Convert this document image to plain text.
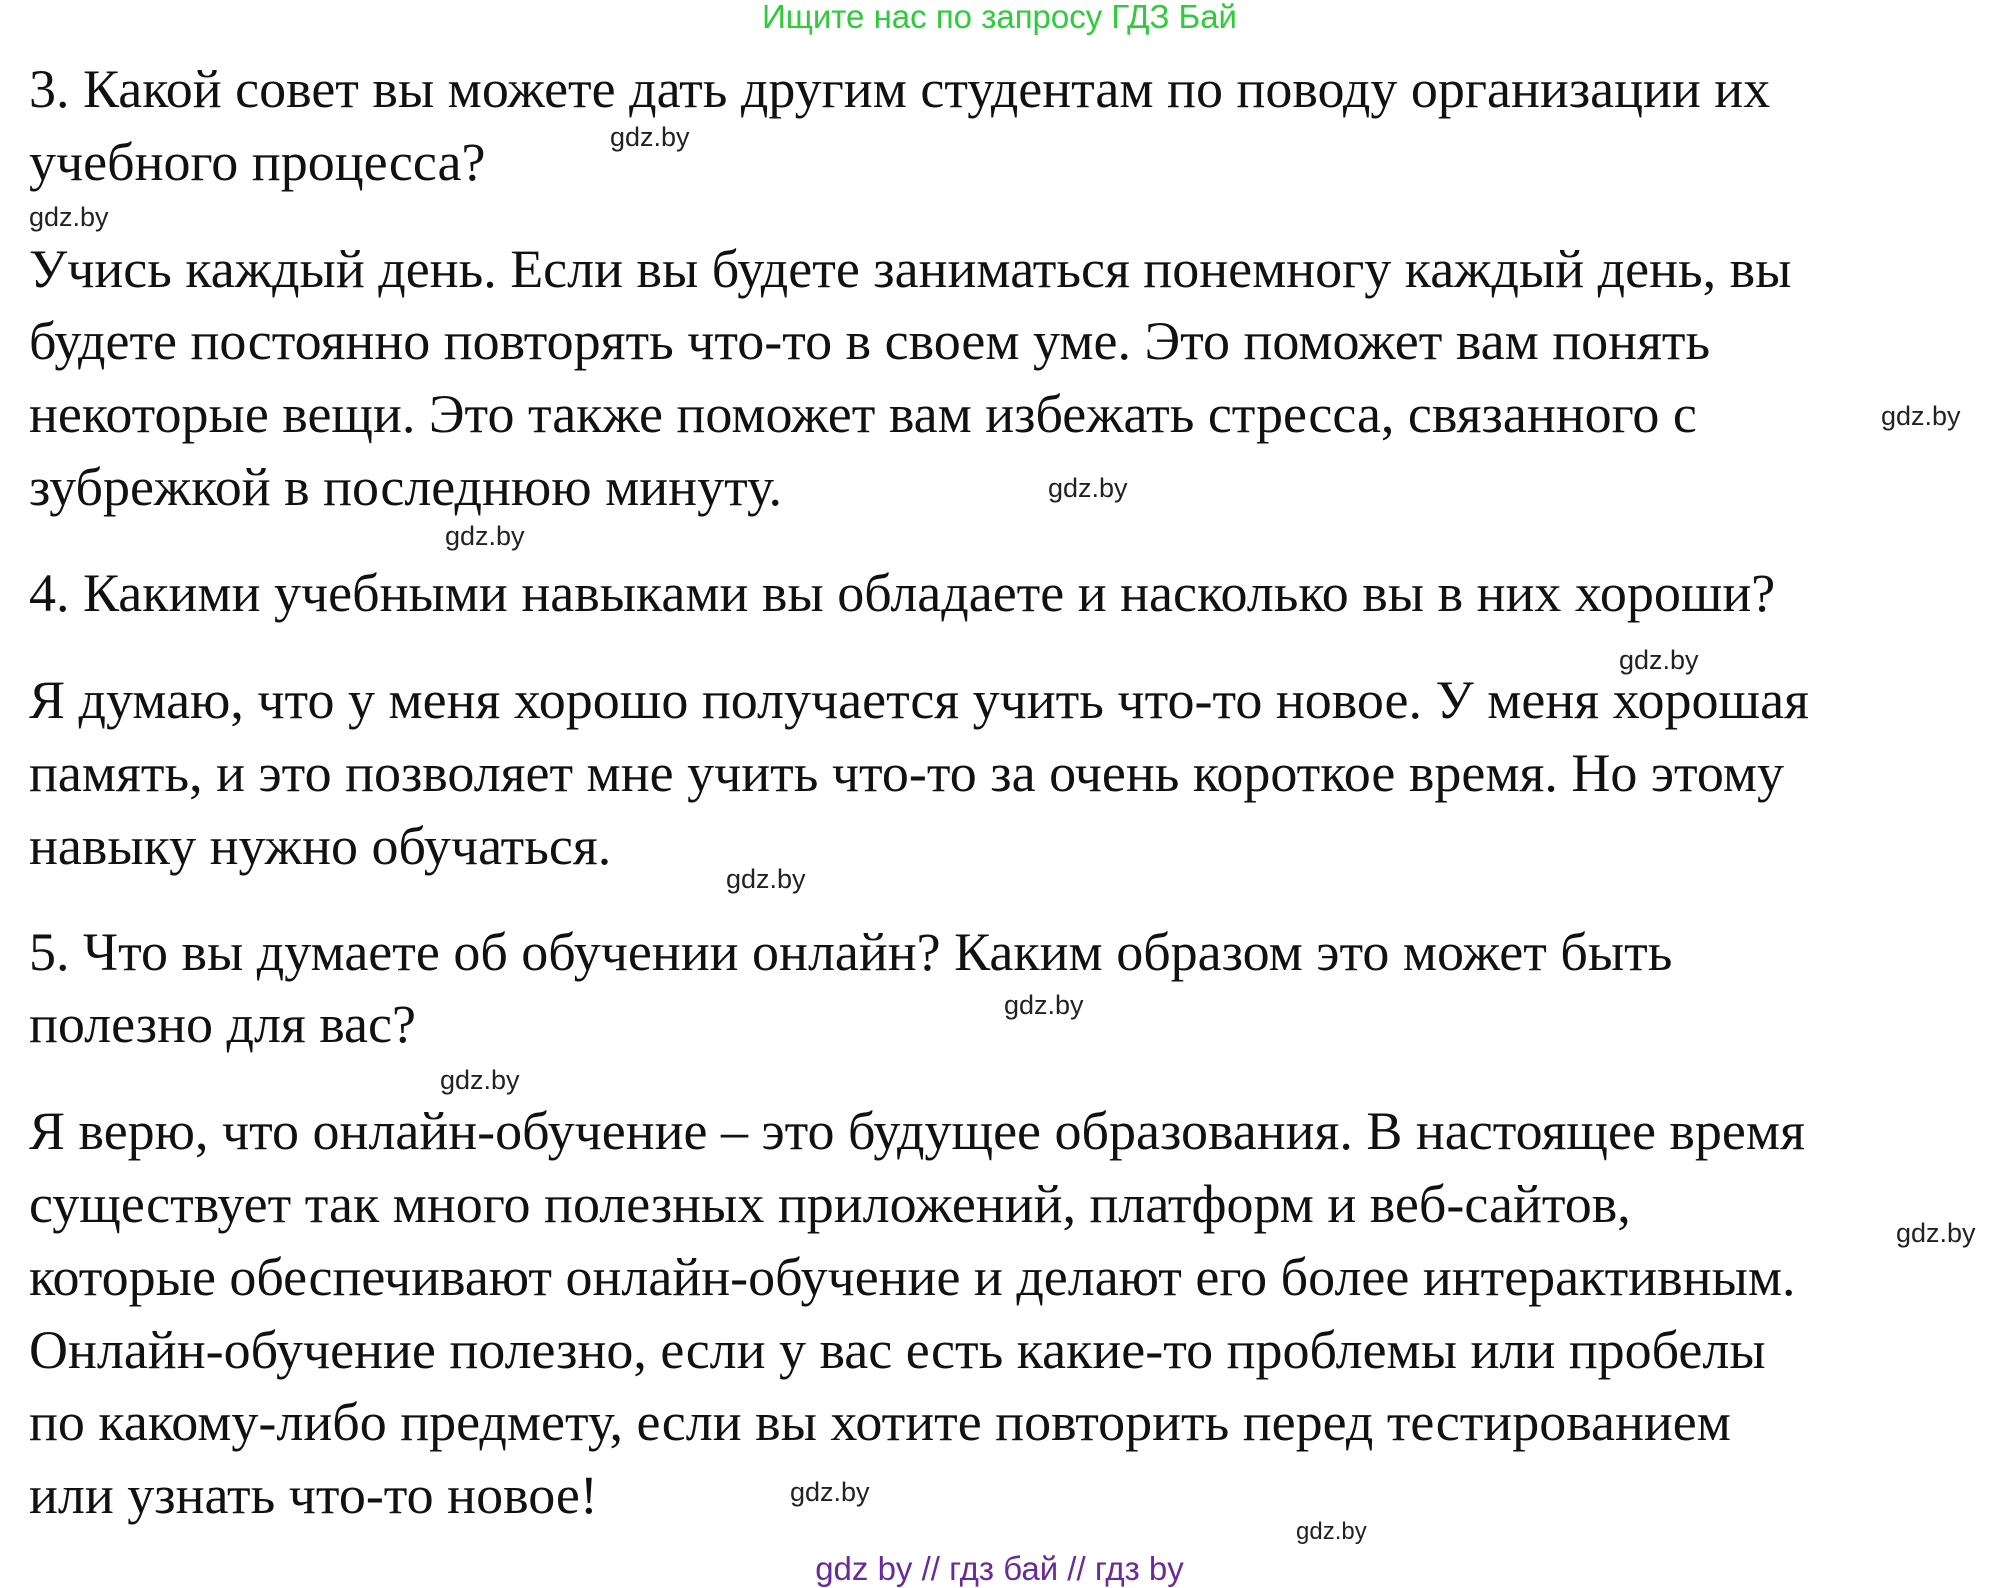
Ищите нас по запросу ГДЗ Бай
3. Какой совет вы можете дать другим студентам по поводу организации их
учебного процесса?
Учись каждый день. Если вы будете заниматься понемногу каждый день, вы
будете постоянно повторять что-то в своем уме. Это поможет вам понять
некоторые вещи. Это также поможет вам избежать стресса, связанного с
зубрежкой в последнюю минуту.
4. Какими учебными навыками вы обладаете и насколько вы в них хороши?
Я думаю, что у меня хорошо получается учить что-то новое. У меня хорошая
память, и это позволяет мне учить что-то за очень короткое время. Но этому
навыку нужно обучаться.
5. Что вы думаете об обучении онлайн? Каким образом это может быть
полезно для вас?
Я верю, что онлайн-обучение – это будущее образования. В настоящее время
существует так много полезных приложений, платформ и веб-сайтов,
которые обеспечивают онлайн-обучение и делают его более интерактивным.
Онлайн-обучение полезно, если у вас есть какие-то проблемы или пробелы
по какому-либо предмету, если вы хотите повторить перед тестированием
или узнать что-то новое!
gdz.by
gdz.by
gdz.by
gdz.by
gdz.by
gdz.by
gdz.by
gdz.by
gdz.by
gdz.by
gdz.by
gdz.by
gdz by // гдз бай // гдз by
